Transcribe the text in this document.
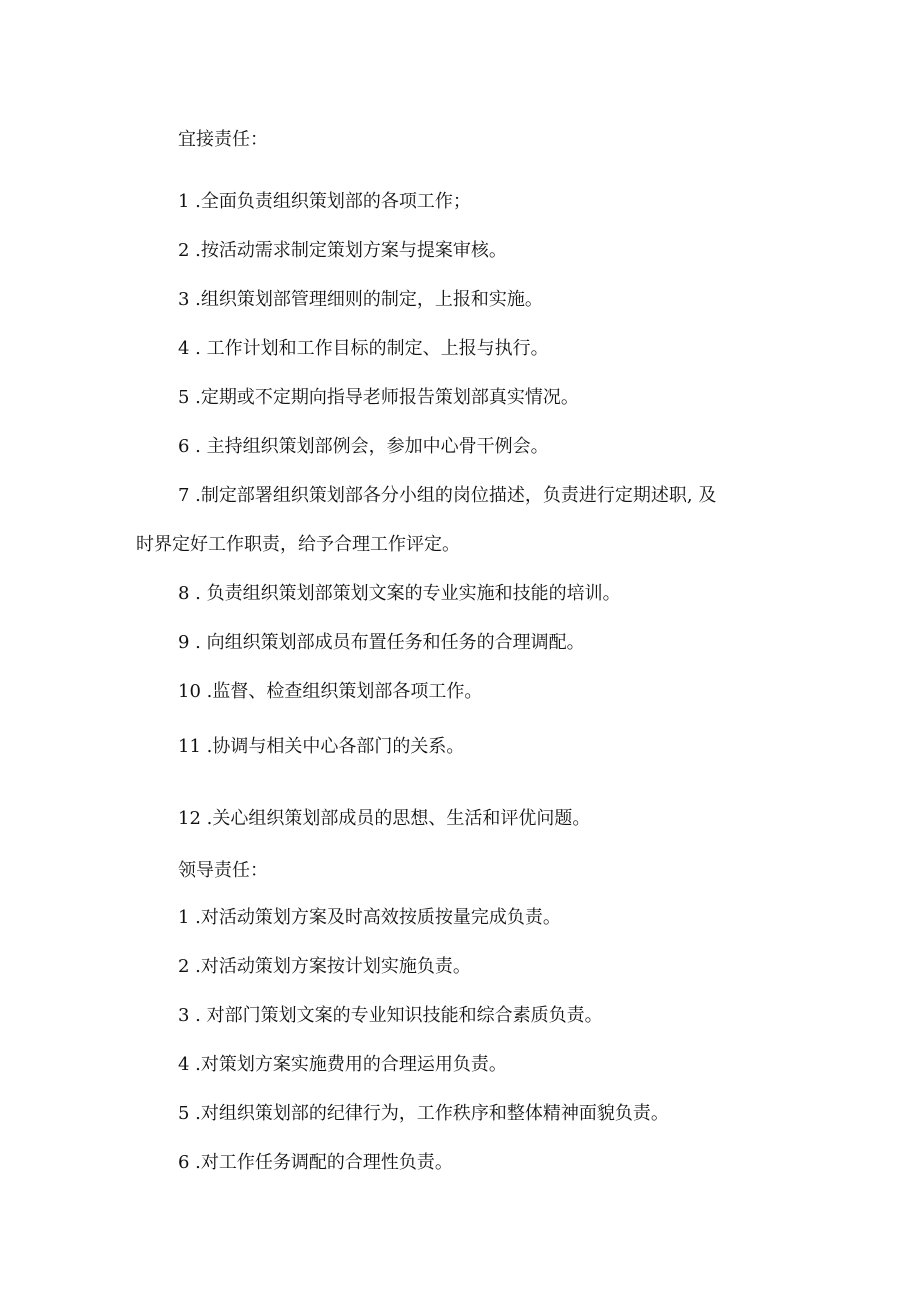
宜接责任：
1 .全面负责组织策划部的各项工作；
2 .按活动需求制定策划方案与提案审核。
3 .组织策划部管理细则的制定，上报和实施。
4 . 工作计划和工作目标的制定、上报与执行。
5 .定期或不定期向指导老师报告策划部真实情况。
6 . 主持组织策划部例会，参加中心骨干例会。
7 .制定部署组织策划部各分小组的岗位描述，负责进行定期述职, 及
时界定好工作职责，给予合理工作评定。
8 . 负责组织策划部策划文案的专业实施和技能的培训。
9 . 向组织策划部成员布置任务和任务的合理调配。
10 .监督、检查组织策划部各项工作。
11 .协调与相关中心各部门的关系。
12 .关心组织策划部成员的思想、生活和评优问题。
领导责任：
1 .对活动策划方案及时高效按质按量完成负责。
2 .对活动策划方案按计划实施负责。
3 . 对部门策划文案的专业知识技能和综合素质负责。
4 .对策划方案实施费用的合理运用负责。
5 .对组织策划部的纪律行为，工作秩序和整体精神面貌负责。
6 .对工作任务调配的合理性负责。
